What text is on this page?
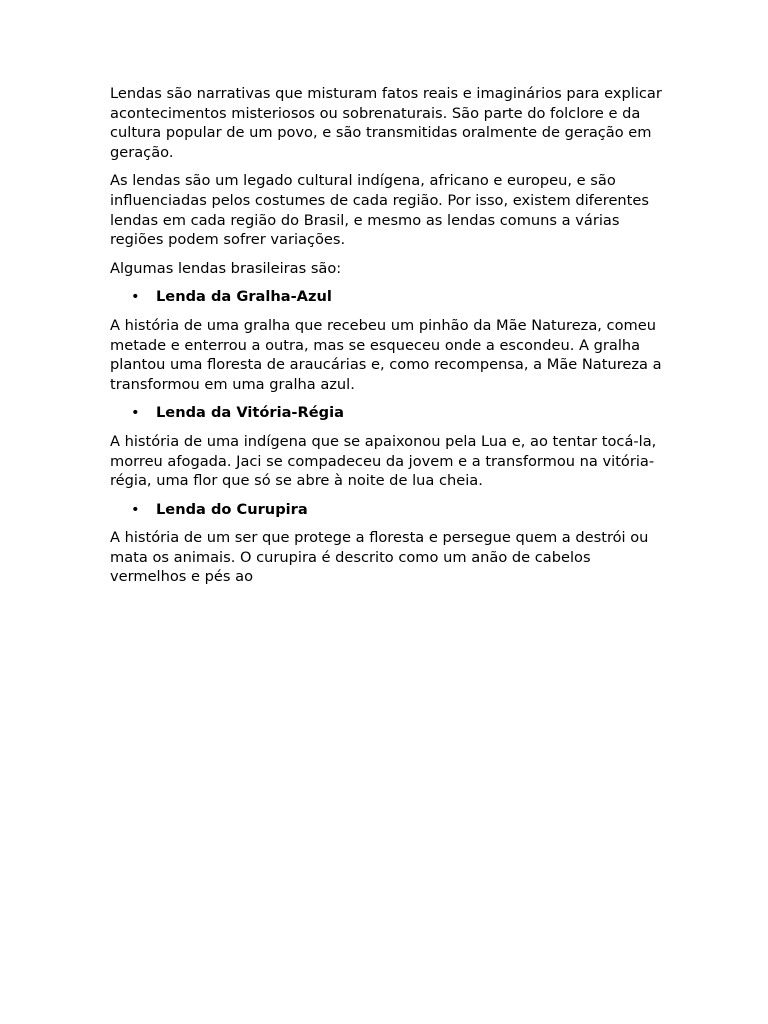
Lendas são narrativas que misturam fatos reais e imaginários para explicar acontecimentos misteriosos ou sobrenaturais. São parte do folclore e da cultura popular de um povo, e são transmitidas oralmente de geração em geração.

As lendas são um legado cultural indígena, africano e europeu, e são influenciadas pelos costumes de cada região. Por isso, existem diferentes lendas em cada região do Brasil, e mesmo as lendas comuns a várias regiões podem sofrer variações.

Algumas lendas brasileiras são:

• Lenda da Gralha-Azul

A história de uma gralha que recebeu um pinhão da Mãe Natureza, comeu metade e enterrou a outra, mas se esqueceu onde a escondeu. A gralha plantou uma floresta de araucárias e, como recompensa, a Mãe Natureza a transformou em uma gralha azul.

• Lenda da Vitória-Régia

A história de uma indígena que se apaixonou pela Lua e, ao tentar tocá-la, morreu afogada. Jaci se compadeceu da jovem e a transformou na vitória-régia, uma flor que só se abre à noite de lua cheia.

• Lenda do Curupira

A história de um ser que protege a floresta e persegue quem a destrói ou mata os animais. O curupira é descrito como um anão de cabelos vermelhos e pés ao
